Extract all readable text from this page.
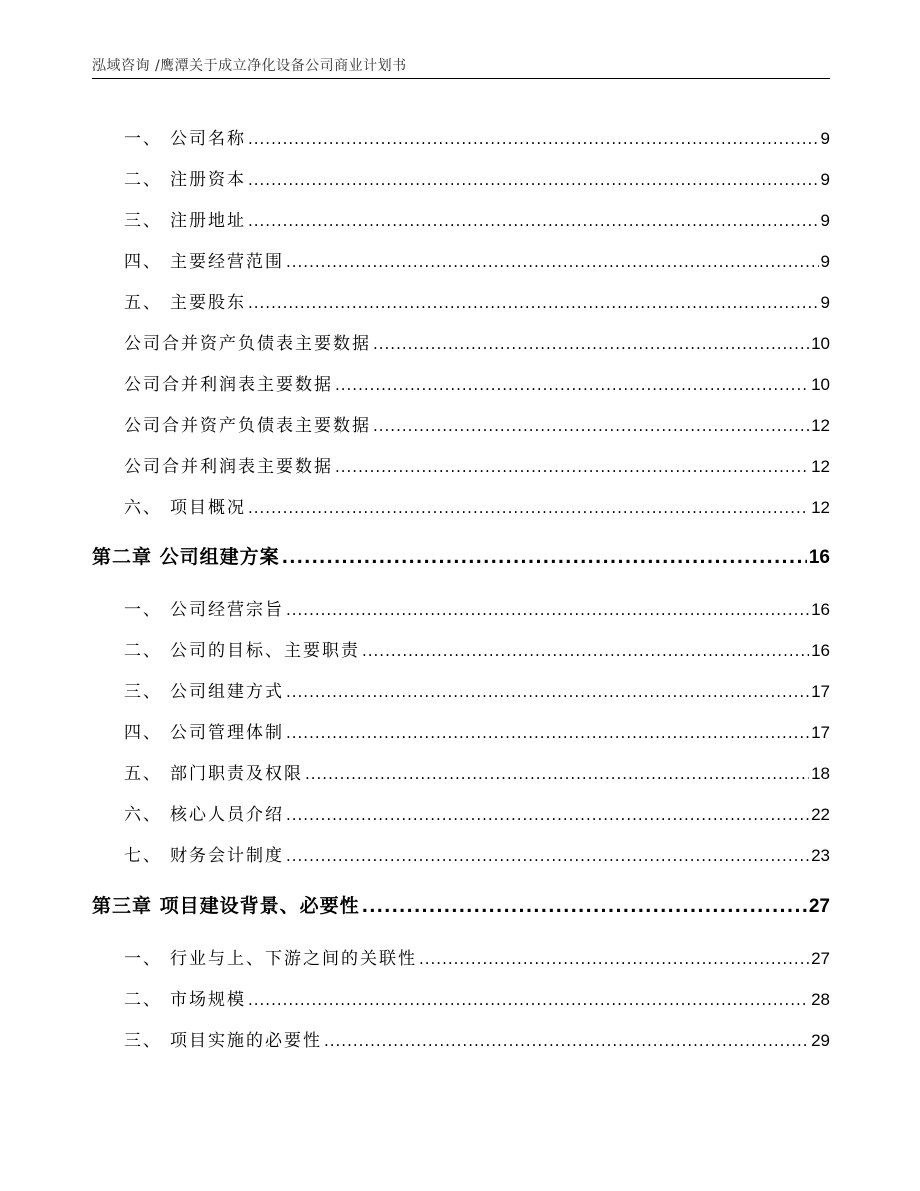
泓域咨询 /鹰潭关于成立净化设备公司商业计划书
一、 公司名称 .....	9
二、 注册资本 .....	9
三、 注册地址 .....	9
四、 主要经营范围 .....	9
五、 主要股东 .....	9
公司合并资产负债表主要数据 .....	10
公司合并利润表主要数据 .....	10
公司合并资产负债表主要数据 .....	12
公司合并利润表主要数据 .....	12
六、 项目概况 .....	12
第二章 公司组建方案 .....	16
一、 公司经营宗旨 .....	16
二、 公司的目标、主要职责 .....	16
三、 公司组建方式 .....	17
四、 公司管理体制 .....	17
五、 部门职责及权限 .....	18
六、 核心人员介绍 .....	22
七、 财务会计制度 .....	23
第三章 项目建设背景、必要性 .....	27
一、 行业与上、下游之间的关联性 .....	27
二、 市场规模 .....	28
三、 项目实施的必要性 .....	29
